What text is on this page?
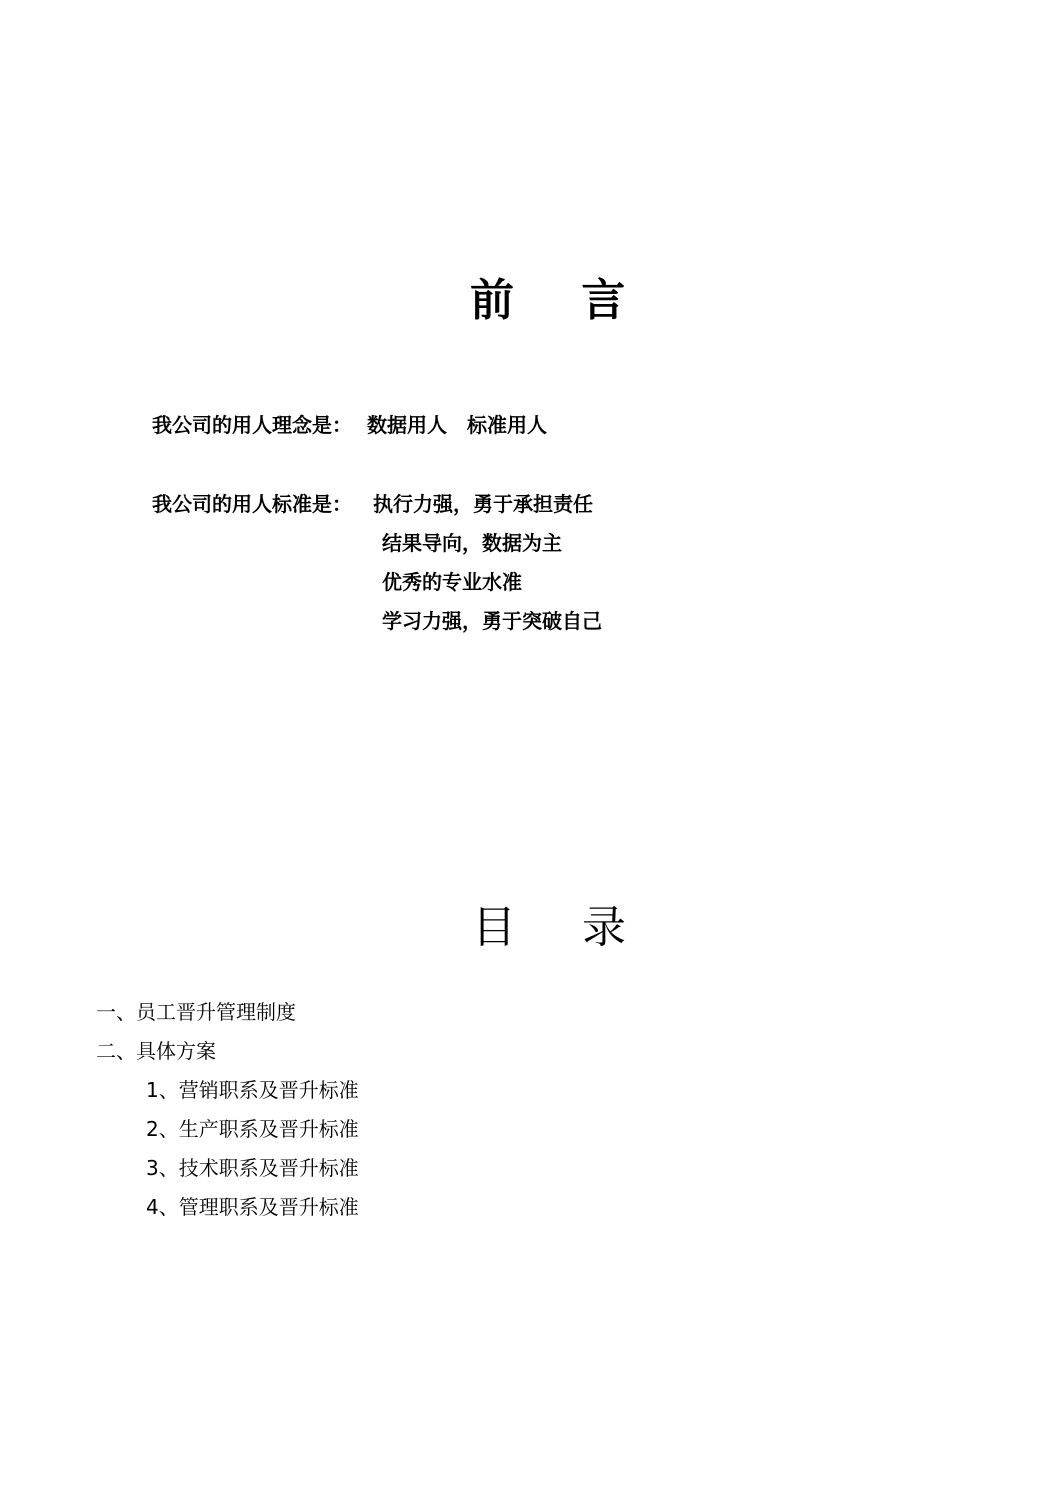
前 言
我公司的用人理念是： 数据用人　标准用人
我公司的用人标准是： 执行力强，勇于承担责任
结果导向，数据为主
优秀的专业水准
学习力强，勇于突破自己
目 录
一、员工晋升管理制度
二、具体方案
1、营销职系及晋升标准
2、生产职系及晋升标准
3、技术职系及晋升标准
4、管理职系及晋升标准
